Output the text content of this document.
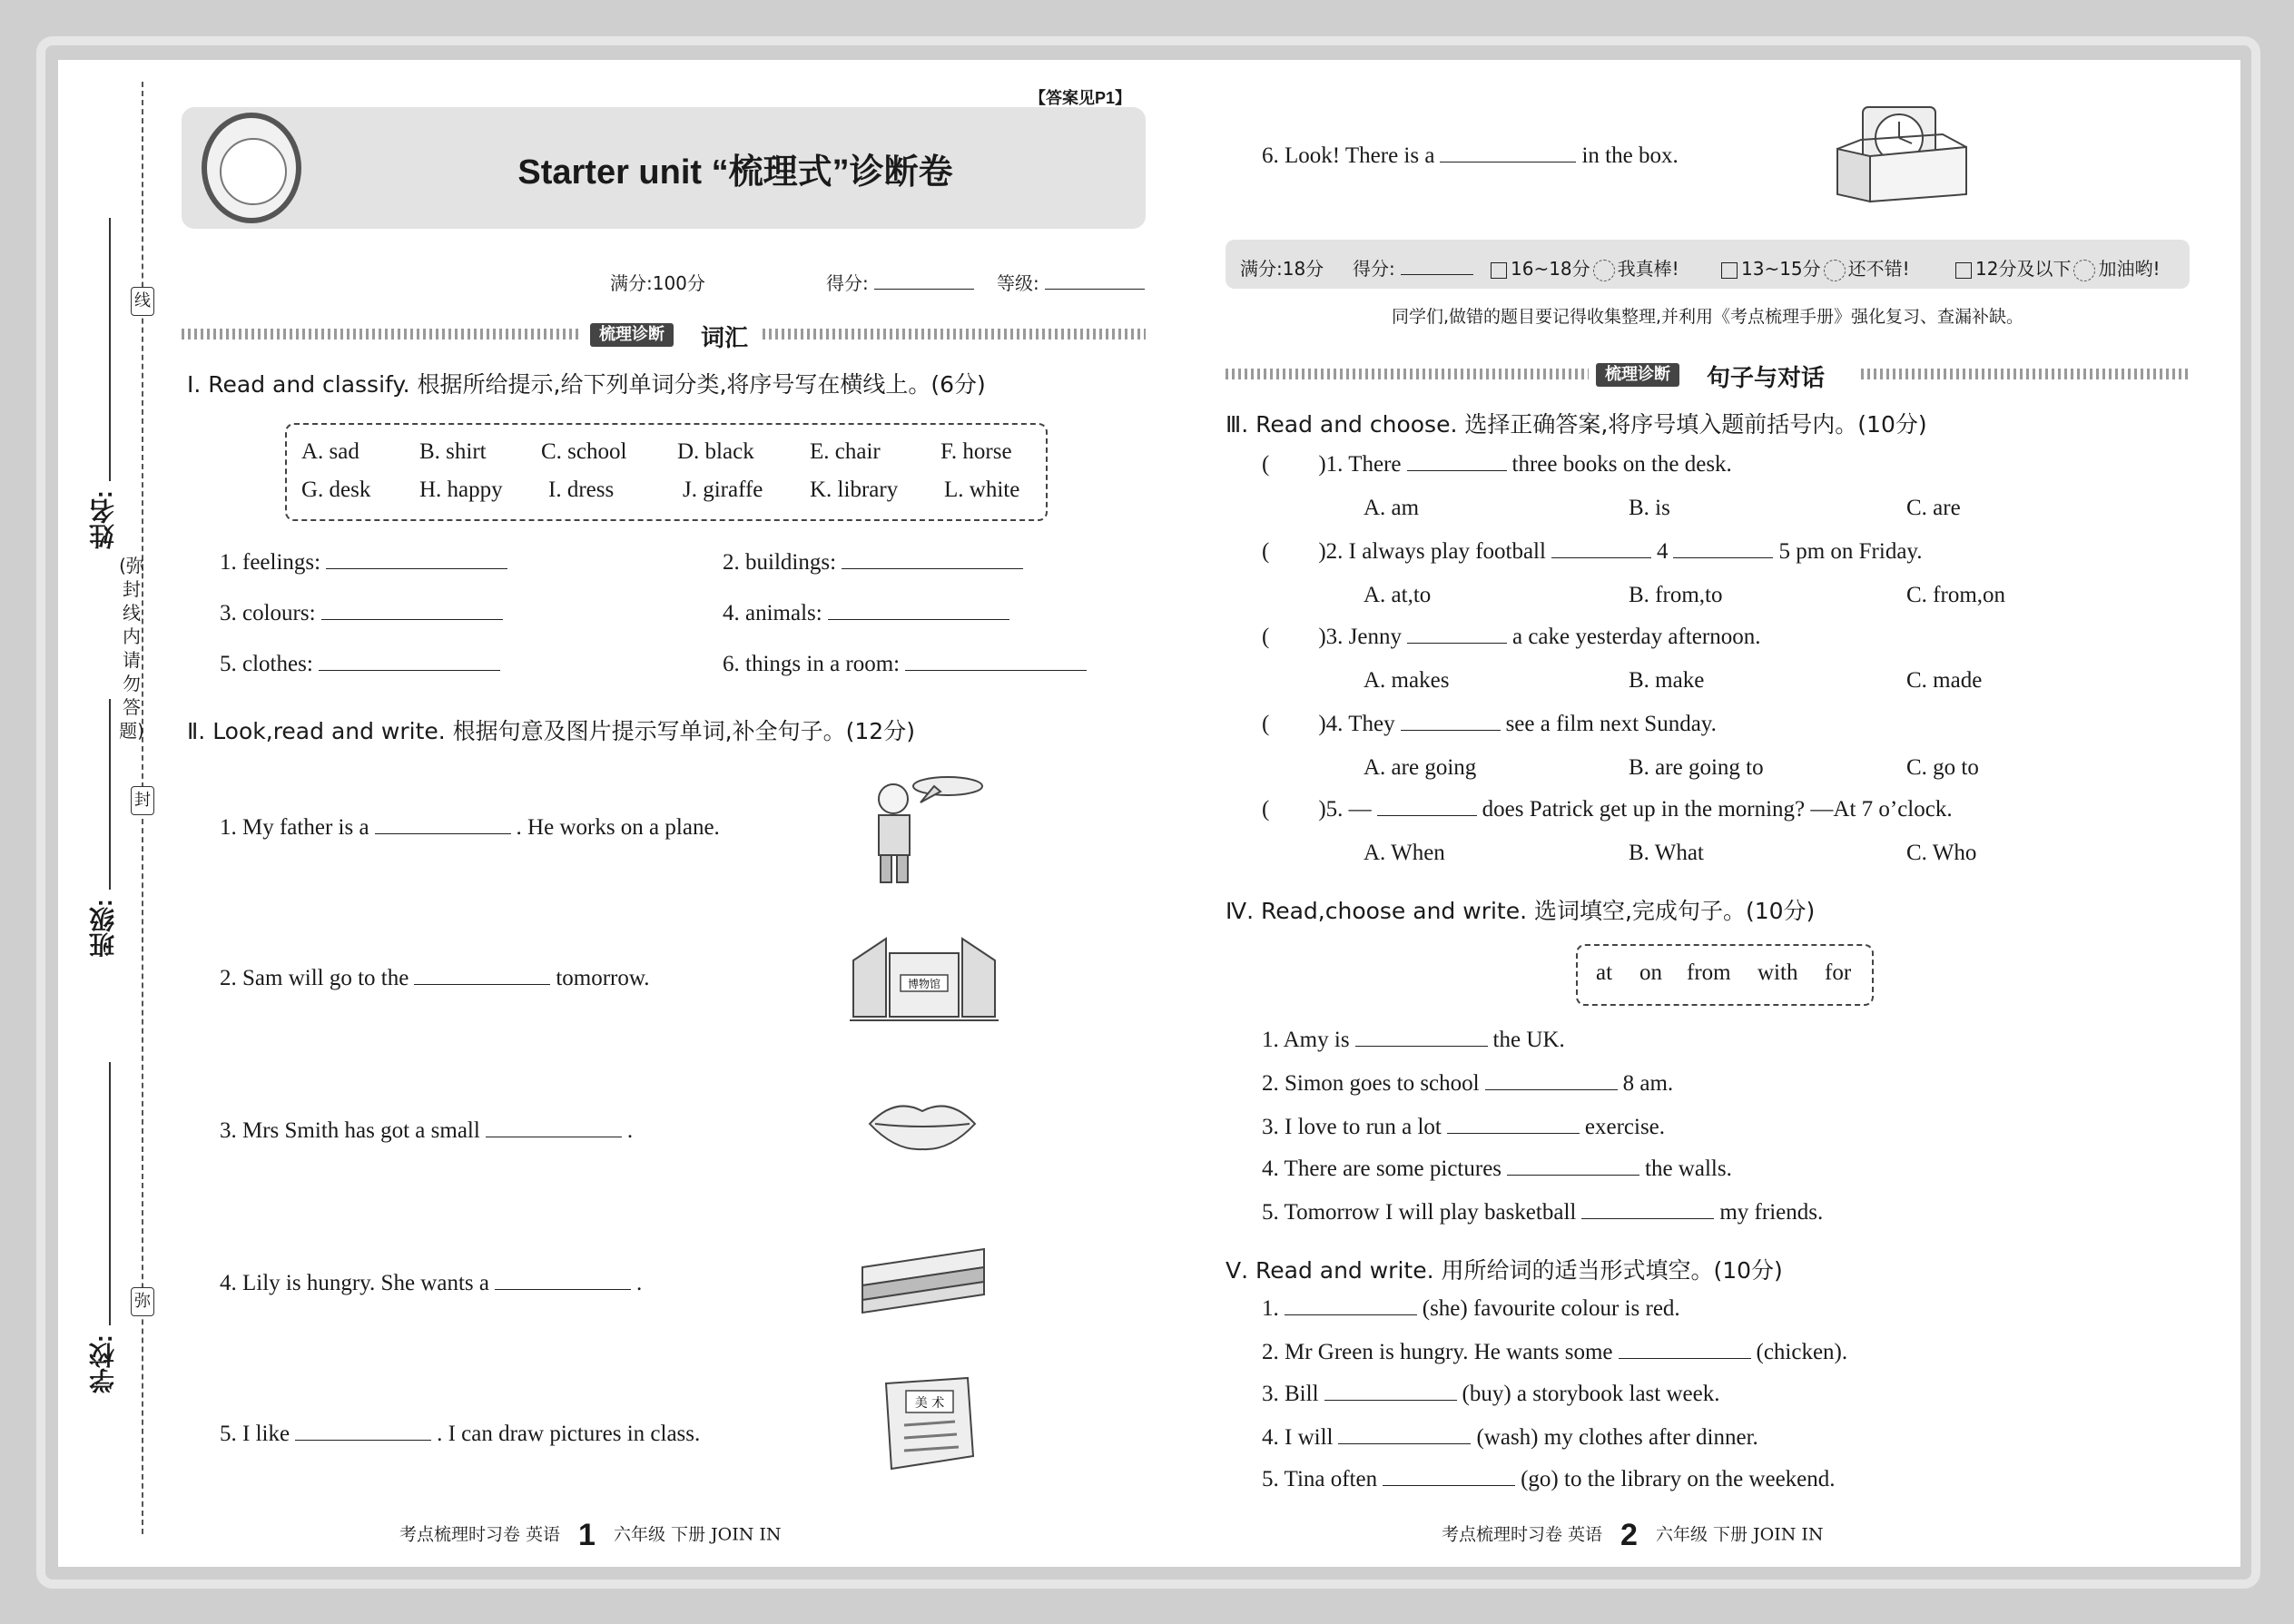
线
封
弥
(弥封线内请勿答题)
姓名:
班级:
学校:
【答案见P1】
Starter unit “梳理式”诊断卷
满分:100分	得分:	等级:
梳理诊断	词汇
Ⅰ. Read and classify. 根据所给提示,给下列单词分类,将序号写在横线上。(6分)
A. sad	B. shirt C. school D. black E. chair	F. horse
G. desk H. happy I. dress	J. giraffe K. library L. white
1. feelings:	2. buildings:
3. colours:	4. animals:
5. clothes:	6. things in a room:
Ⅱ. Look,read and write. 根据句意及图片提示写单词,补全句子。(12分)
1. My father is a	. He works on a plane.
2. Sam will go to the	tomorrow.	博物馆
3. Mrs Smith has got a small	.
4. Lily is hungry. She wants a	.
5. I like	. I can draw pictures in class.
美 术
6. Look! There is a	in the box.
满分:18分 得分:	16~18分 我真棒!	13~15分 还不错!	12分及以下 加油哟!
同学们,做错的题目要记得收集整理,并利用《考点梳理手册》强化复习、查漏补缺。
梳理诊断	句子与对话
Ⅲ. Read and choose. 选择正确答案,将序号填入题前括号内。(10分)
( )1. There	three books on the desk.
A. am	B. is	C. are
( )2. I always play football	4	5 pm on Friday.
A. at,to	B. from,to	C. from,on
( )3. Jenny	a cake yesterday afternoon.
A. makes	B. make	C. made
( )4. They	see a film next Sunday.
A. are going	B. are going to	C. go to
( )5. —	does Patrick get up in the morning? —At 7 o’clock.
A. When	B. What	C. Who
Ⅳ. Read,choose and write. 选词填空,完成句子。(10分)
at on from with for
1. Amy is	the UK.
2. Simon goes to school	8 am.
3. I love to run a lot	exercise.
4. There are some pictures	the walls.
5. Tomorrow I will play basketball	my friends.
Ⅴ. Read and write. 用所给词的适当形式填空。(10分)
1.	(she) favourite colour is red.
2. Mr Green is hungry. He wants some	(chicken).
3. Bill	(buy) a storybook last week.
4. I will	(wash) my clothes after dinner.
5. Tina often	(go) to the library on the weekend.
考点梳理时习卷 英语 1 六年级 下册 JOIN IN	考点梳理时习卷 英语 2 六年级 下册 JOIN IN
